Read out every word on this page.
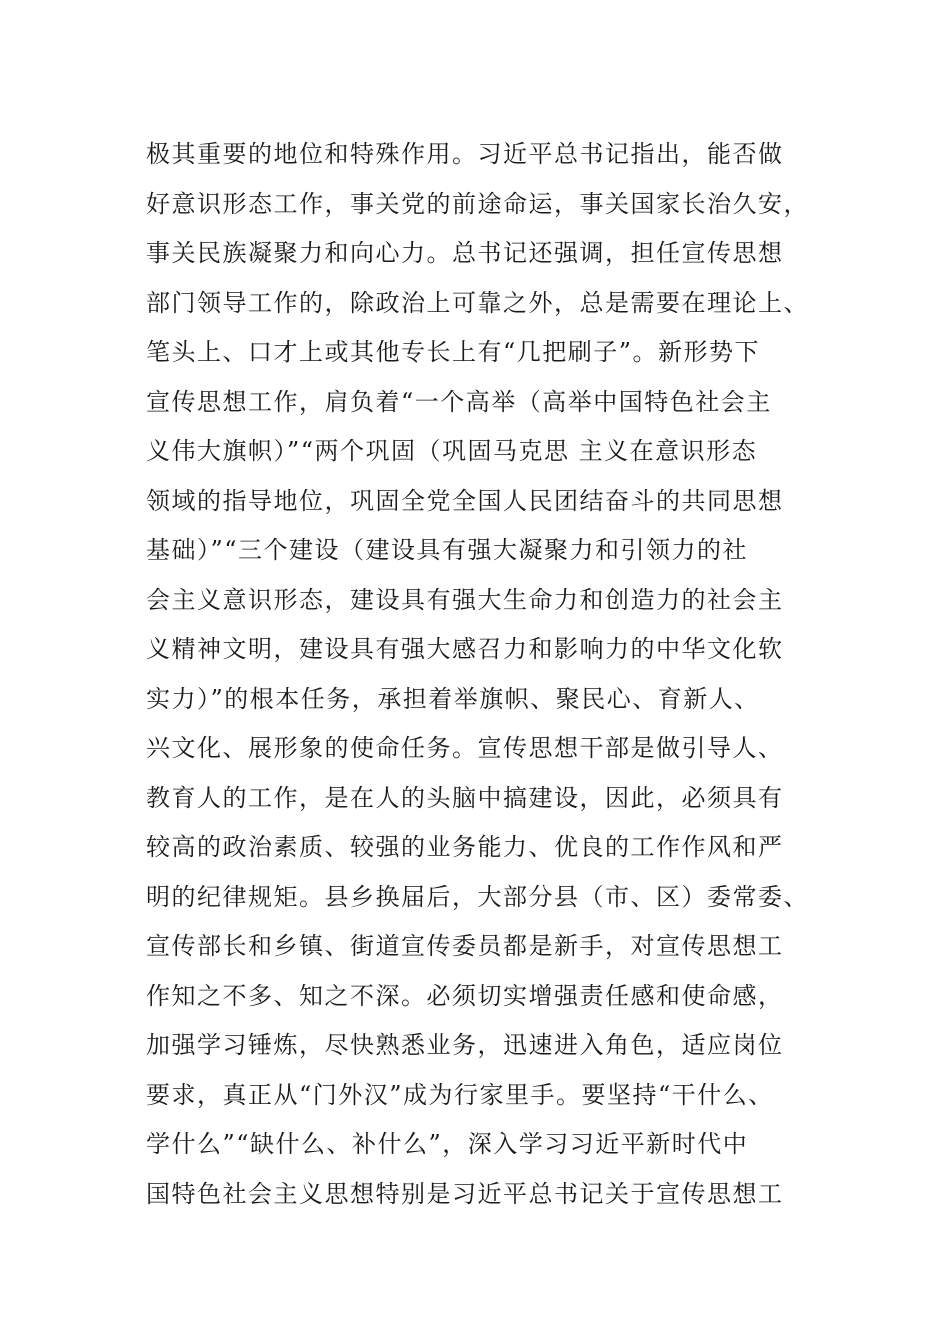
极其重要的地位和特殊作用。习近平总书记指出，能否做
好意识形态工作，事关党的前途命运，事关国家长治久安，
事关民族凝聚力和向心力。总书记还强调，担任宣传思想
部门领导工作的，除政治上可靠之外，总是需要在理论上、
笔头上、口才上或其他专长上有“几把刷子”。新形势下
宣传思想工作，肩负着“一个高举（高举中国特色社会主
义伟大旗帜）”“两个巩固（巩固马克思 主义在意识形态
领域的指导地位，巩固全党全国人民团结奋斗的共同思想
基础）”“三个建设（建设具有强大凝聚力和引领力的社
会主义意识形态，建设具有强大生命力和创造力的社会主
义精神文明，建设具有强大感召力和影响力的中华文化软
实力）”的根本任务，承担着举旗帜、聚民心、育新人、
兴文化、展形象的使命任务。宣传思想干部是做引导人、
教育人的工作，是在人的头脑中搞建设，因此，必须具有
较高的政治素质、较强的业务能力、优良的工作作风和严
明的纪律规矩。县乡换届后，大部分县（市、区）委常委、
宣传部长和乡镇、街道宣传委员都是新手，对宣传思想工
作知之不多、知之不深。必须切实增强责任感和使命感，
加强学习锤炼，尽快熟悉业务，迅速进入角色，适应岗位
要求，真正从“门外汉”成为行家里手。要坚持“干什么、
学什么”“缺什么、补什么”，深入学习习近平新时代中
国特色社会主义思想特别是习近平总书记关于宣传思想工
